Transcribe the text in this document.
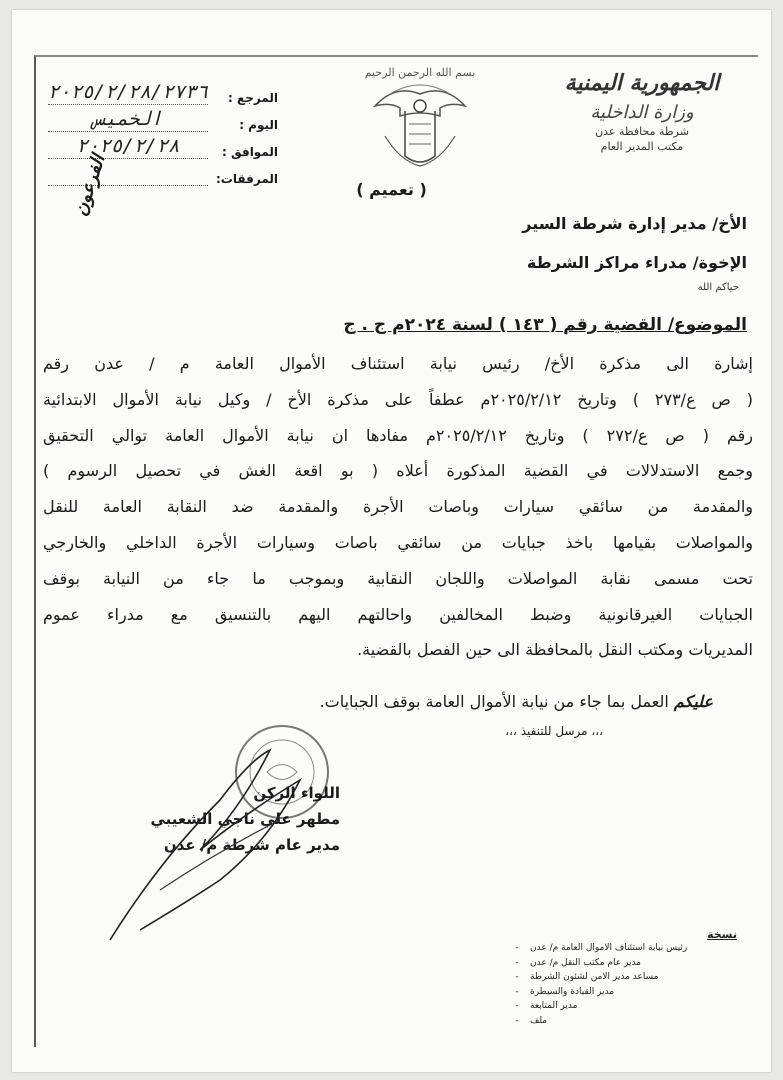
الجمهورية اليمنية
وزارة الداخلية
شرطة محافظة عدن
مكتب المدير العام
بسم الله الرحمن الرحيم
المرجع :
٢٠٢٥/٢/٢٨/٢٧٣٦
اليوم :
الخميس
الموافق :
٢٠٢٥/٢/٢٨
المرفقات:
( تعميم )
الفرعون
الأخ/ مدير إدارة شرطة السير
الإخوة/ مدراء مراكز الشرطة
حياكم الله
الموضوع/ القضية رقم ( ١٤٣ ) لسنة ٢٠٢٤م ج . ج
إشارة الى مذكرة الأخ/ رئيس نيابة استئناف الأموال العامة م / عدن رقم
( ص ع/٢٧٣ ) وتاريخ ٢٠٢٥/٢/١٢م عطفاً على مذكرة الأخ / وكيل نيابة الأموال الابتدائية
رقم ( ص ع/٢٧٢ ) وتاريخ ٢٠٢٥/٢/١٢م مفادها ان نيابة الأموال العامة توالي التحقيق
وجمع الاستدلالات في القضية المذكورة أعلاه ( بو اقعة الغش في تحصيل الرسوم )
والمقدمة من سائقي سيارات وباصات الأجرة والمقدمة ضد النقابة العامة للنقل
والمواصلات بقيامها باخذ جبايات من سائقي باصات وسيارات الأجرة الداخلي والخارجي
تحت مسمى نقابة المواصلات واللجان النقابية وبموجب ما جاء من النيابة بوقف
الجبايات الغيرقانونية وضبط المخالفين واحالتهم اليهم بالتنسيق مع مدراء عموم
المديريات ومكتب النقل بالمحافظة الى حين الفصل بالقضية.
عليكم العمل بما جاء من نيابة الأموال العامة بوقف الجبايات.
،،، مرسل للتنفيذ ،،،
اللواء الركن
مطهر علي ناجي الشعيبي
مدير عام شرطة م/ عدن
نسخة
رئيس نيابة استئناف الاموال العامة م/ عدن
-
مدير عام مكتب النقل م/ عدن
-
مساعد مدير الامن لشئون الشرطة
-
مدير القيادة والسيطرة
-
مدير المتابعة
-
ملف
-
